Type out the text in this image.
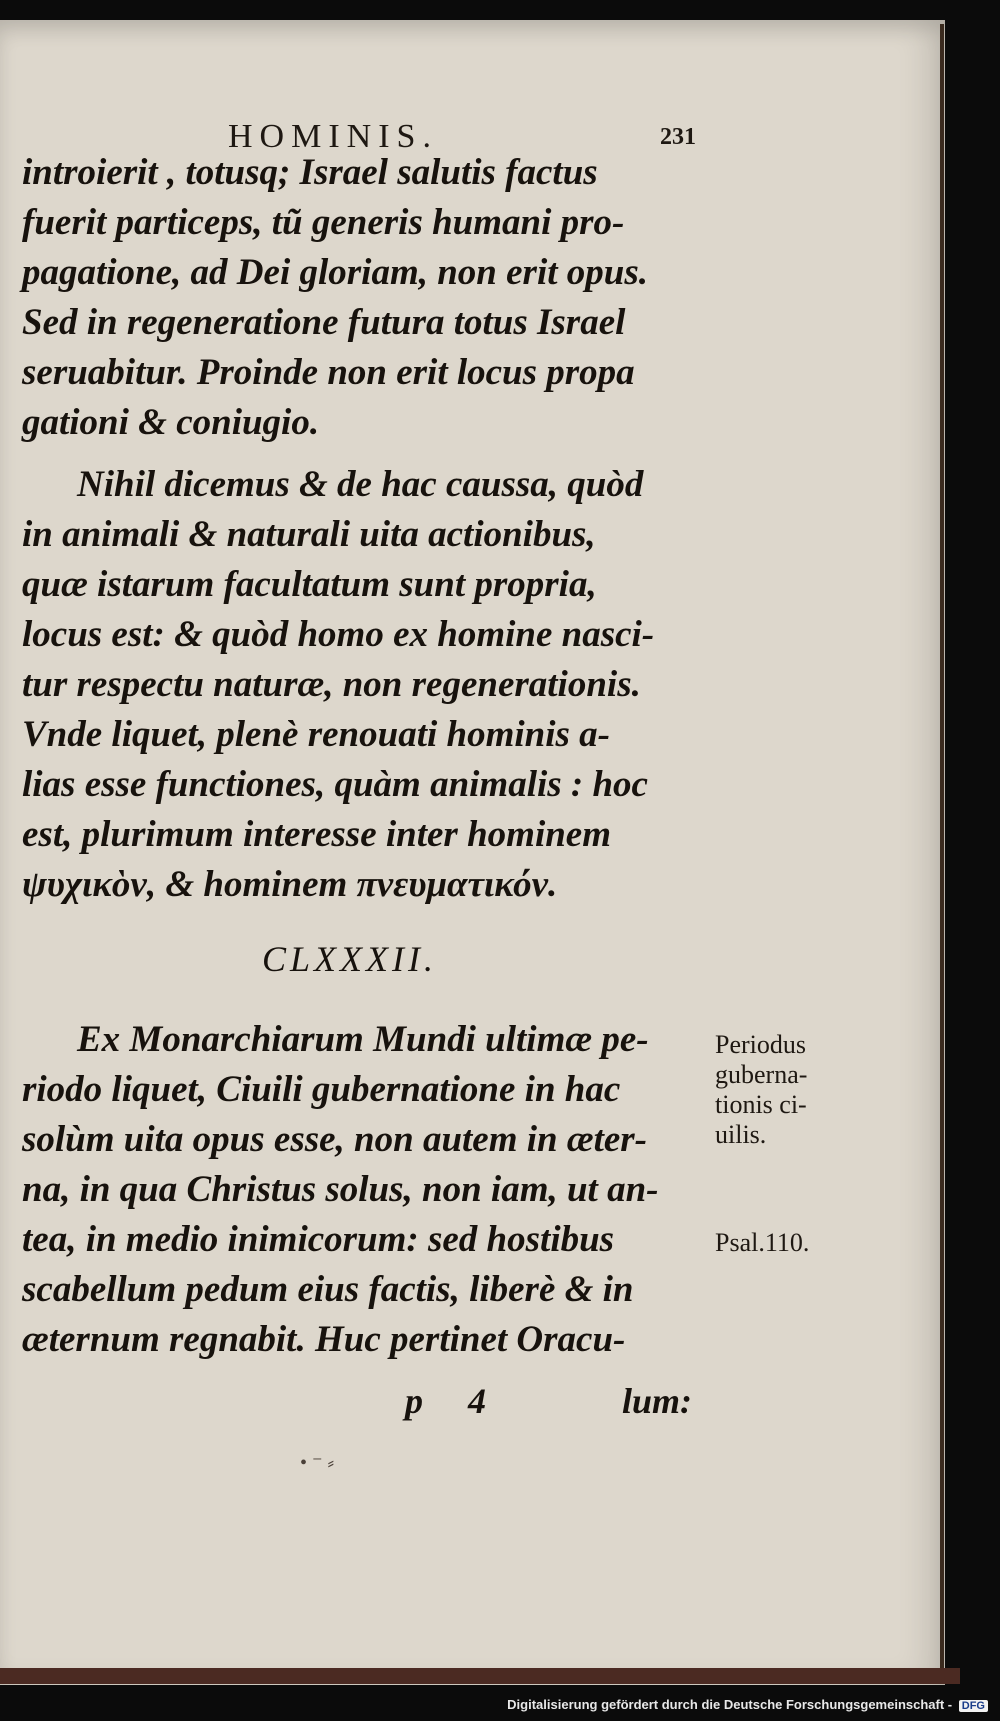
HOMINIS.	231
introierit , totusq; Israel salutis factus
fuerit particeps, tũ generis humani pro-
pagatione, ad Dei gloriam, non erit opus.
Sed in regeneratione futura totus Israel
seruabitur. Proinde non erit locus propa
gationi & coniugio.
Nihil dicemus & de hac caussa, quòd
in animali & naturali uita actionibus,
quæ istarum facultatum sunt propria,
locus est: & quòd homo ex homine nasci-
tur respectu naturæ, non regenerationis.
Vnde liquet, plenè renouati hominis a-
lias esse functiones, quàm animalis : hoc
est, plurimum interesse inter hominem
ψυχικὸν, & hominem πνευματικόν.
CLXXXII.
Ex Monarchiarum Mundi ultimæ pe-
riodo liquet, Ciuili gubernatione in hac
solùm uita opus esse, non autem in æter-
na, in qua Christus solus, non iam, ut an-
tea, in medio inimicorum: sed hostibus
scabellum pedum eius factis, liberè & in
æternum regnabit. Huc pertinet Oracu-
Periodus
guberna-
tionis ci-
uilis.
Psal.110.
p 4	lum:
• ⁻ ⸗
Digitalisierung gefördert durch die Deutsche Forschungsgemeinschaft - DFG
